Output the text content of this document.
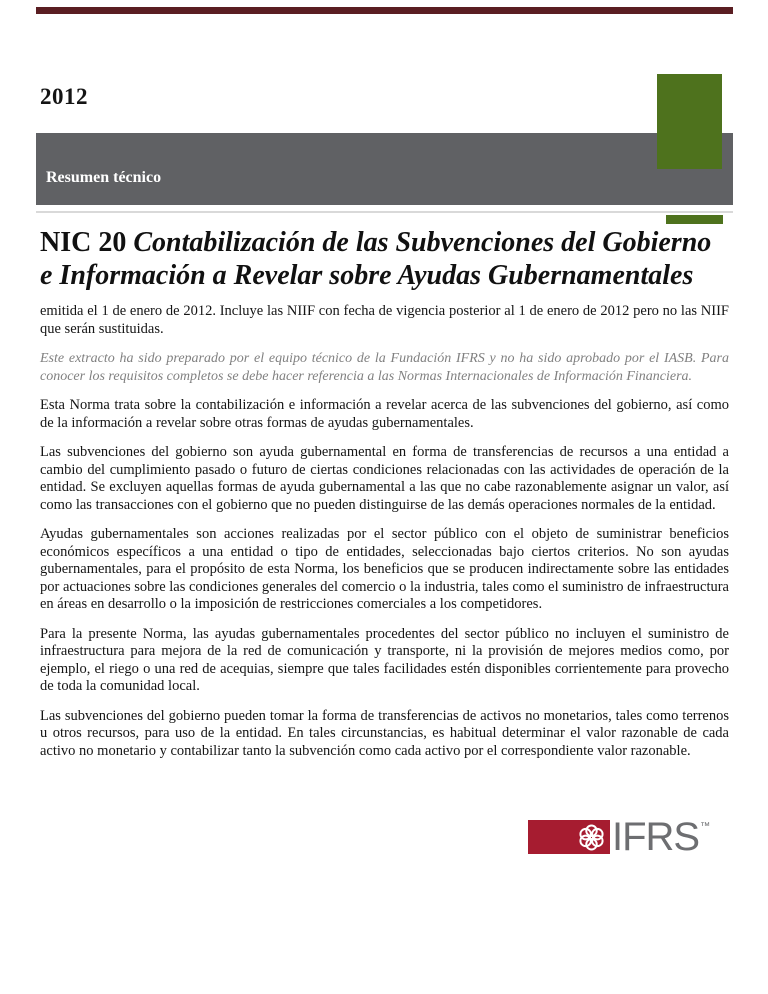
2012
Resumen técnico
NIC 20 Contabilización de las Subvenciones del Gobierno e Información a Revelar sobre Ayudas Gubernamentales

emitida el 1 de enero de 2012. Incluye las NIIF con fecha de vigencia posterior al 1 de enero de 2012 pero no las NIIF que serán sustituidas.

Este extracto ha sido preparado por el equipo técnico de la Fundación IFRS y no ha sido aprobado por el IASB. Para conocer los requisitos completos se debe hacer referencia a las Normas Internacionales de Información Financiera.

Esta Norma trata sobre la contabilización e información a revelar acerca de las subvenciones del gobierno, así como de la información a revelar sobre otras formas de ayudas gubernamentales.

Las subvenciones del gobierno son ayuda gubernamental en forma de transferencias de recursos a una entidad a cambio del cumplimiento pasado o futuro de ciertas condiciones relacionadas con las actividades de operación de la entidad. Se excluyen aquellas formas de ayuda gubernamental a las que no cabe razonablemente asignar un valor, así como las transacciones con el gobierno que no pueden distinguirse de las demás operaciones normales de la entidad.

Ayudas gubernamentales son acciones realizadas por el sector público con el objeto de suministrar beneficios económicos específicos a una entidad o tipo de entidades, seleccionadas bajo ciertos criterios. No son ayudas gubernamentales, para el propósito de esta Norma, los beneficios que se producen indirectamente sobre las entidades por actuaciones sobre las condiciones generales del comercio o la industria, tales como el suministro de infraestructura en áreas en desarrollo o la imposición de restricciones comerciales a los competidores.

Para la presente Norma, las ayudas gubernamentales procedentes del sector público no incluyen el suministro de infraestructura para mejora de la red de comunicación y transporte, ni la provisión de mejores medios como, por ejemplo, el riego o una red de acequias, siempre que tales facilidades estén disponibles corrientemente para provecho de toda la comunidad local.

Las subvenciones del gobierno pueden tomar la forma de transferencias de activos no monetarios, tales como terrenos u otros recursos, para uso de la entidad. En tales circunstancias, es habitual determinar el valor razonable de cada activo no monetario y contabilizar tanto la subvención como cada activo por el correspondiente valor razonable.

IFRS ™
